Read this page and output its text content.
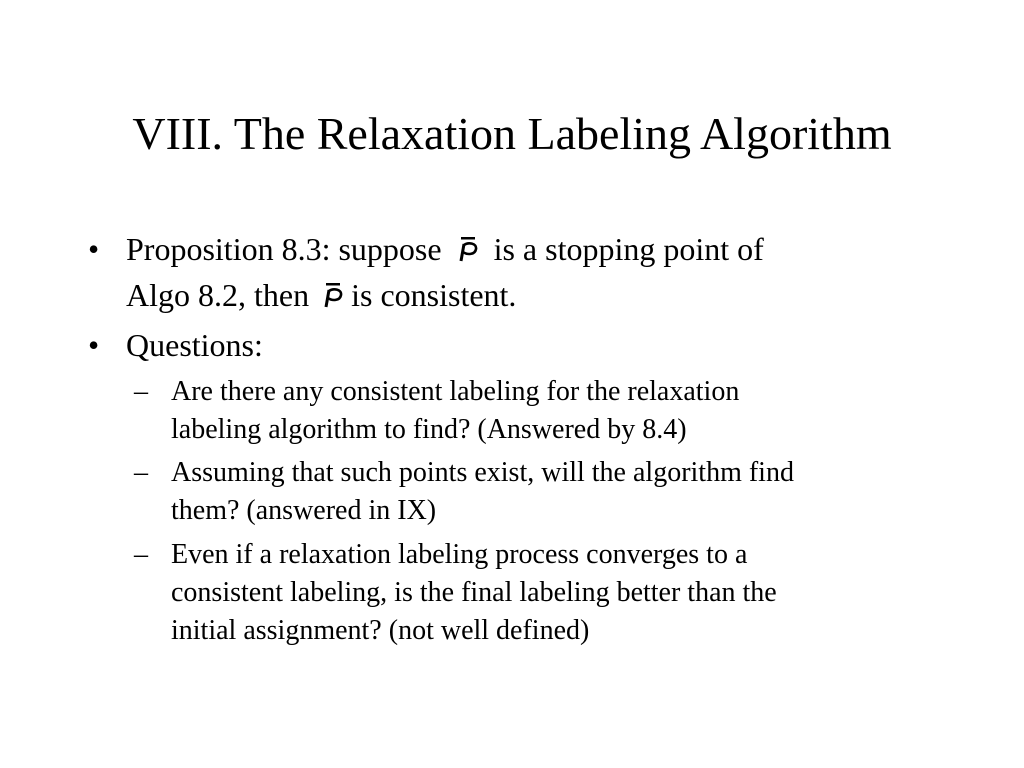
VIII. The Relaxation Labeling Algorithm
• Proposition 8.3: suppose is a stopping point of
Algo 8.2, then is consistent.
• Questions:
– Are there any consistent labeling for the relaxation
labeling algorithm to find? (Answered by 8.4)
– Assuming that such points exist, will the algorithm find
them? (answered in IX)
– Even if a relaxation labeling process converges to a
consistent labeling, is the final labeling better than the
initial assignment? (not well defined)
